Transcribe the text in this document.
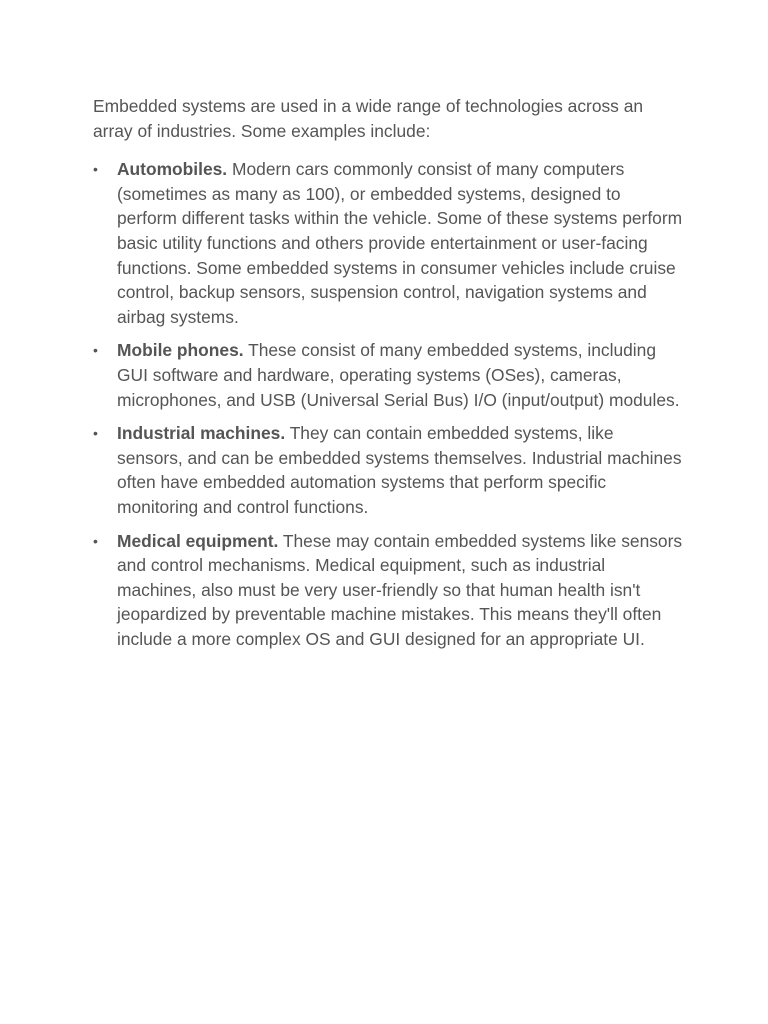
Embedded systems are used in a wide range of technologies across an array of industries. Some examples include:

• Automobiles. Modern cars commonly consist of many computers (sometimes as many as 100), or embedded systems, designed to perform different tasks within the vehicle. Some of these systems perform basic utility functions and others provide entertainment or user-facing functions. Some embedded systems in consumer vehicles include cruise control, backup sensors, suspension control, navigation systems and airbag systems.
• Mobile phones. These consist of many embedded systems, including GUI software and hardware, operating systems (OSes), cameras, microphones, and USB (Universal Serial Bus) I/O (input/output) modules.
• Industrial machines. They can contain embedded systems, like sensors, and can be embedded systems themselves. Industrial machines often have embedded automation systems that perform specific monitoring and control functions.
• Medical equipment. These may contain embedded systems like sensors and control mechanisms. Medical equipment, such as industrial machines, also must be very user-friendly so that human health isn't jeopardized by preventable machine mistakes. This means they'll often include a more complex OS and GUI designed for an appropriate UI.
